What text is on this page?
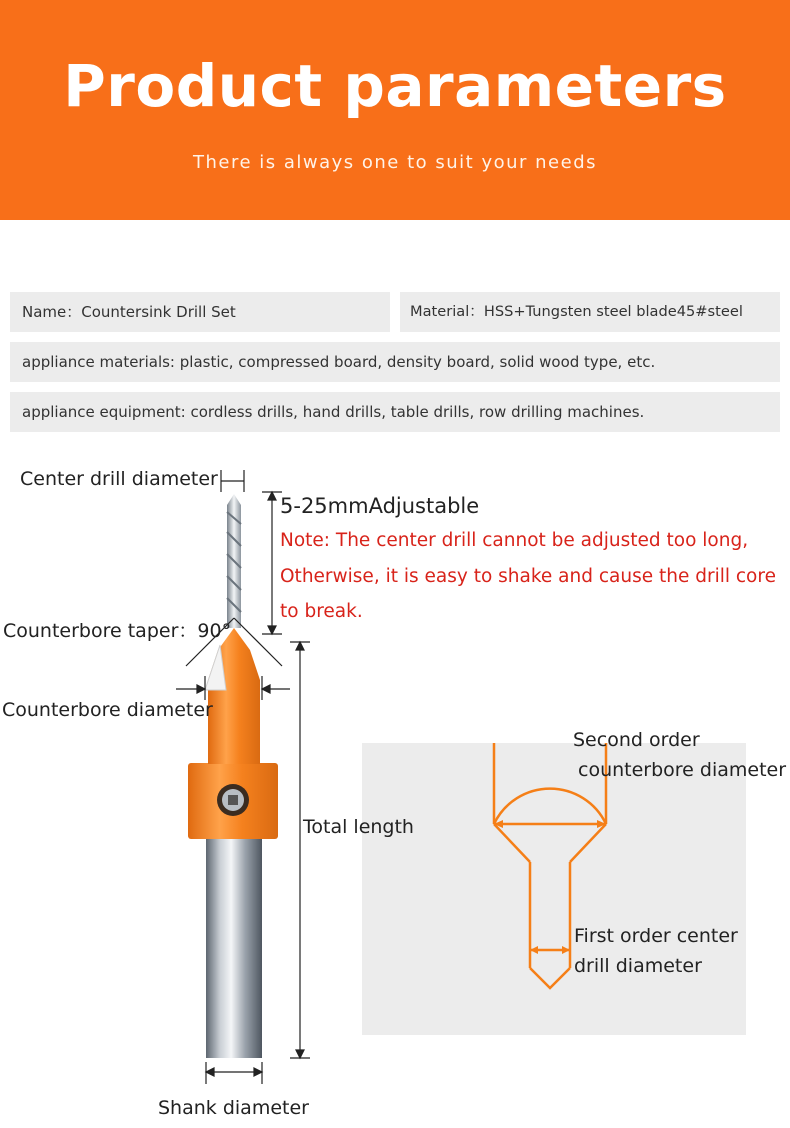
Product parameters
There is always one to suit your needs
Name：Countersink Drill Set	Material：HSS+Tungsten steel blade45#steel
appliance materials: plastic, compressed board, density board, solid wood type, etc.
appliance equipment: cordless drills, hand drills, table drills, row drilling machines.
Center drill diameter
5-25mmAdjustable
Note: The center drill cannot be adjusted too long,
Otherwise, it is easy to shake and cause the drill core
to break.
Counterbore taper：90°
Counterbore diameter
Total length
Shank diameter
Second order
counterbore diameter
First order center
drill diameter
